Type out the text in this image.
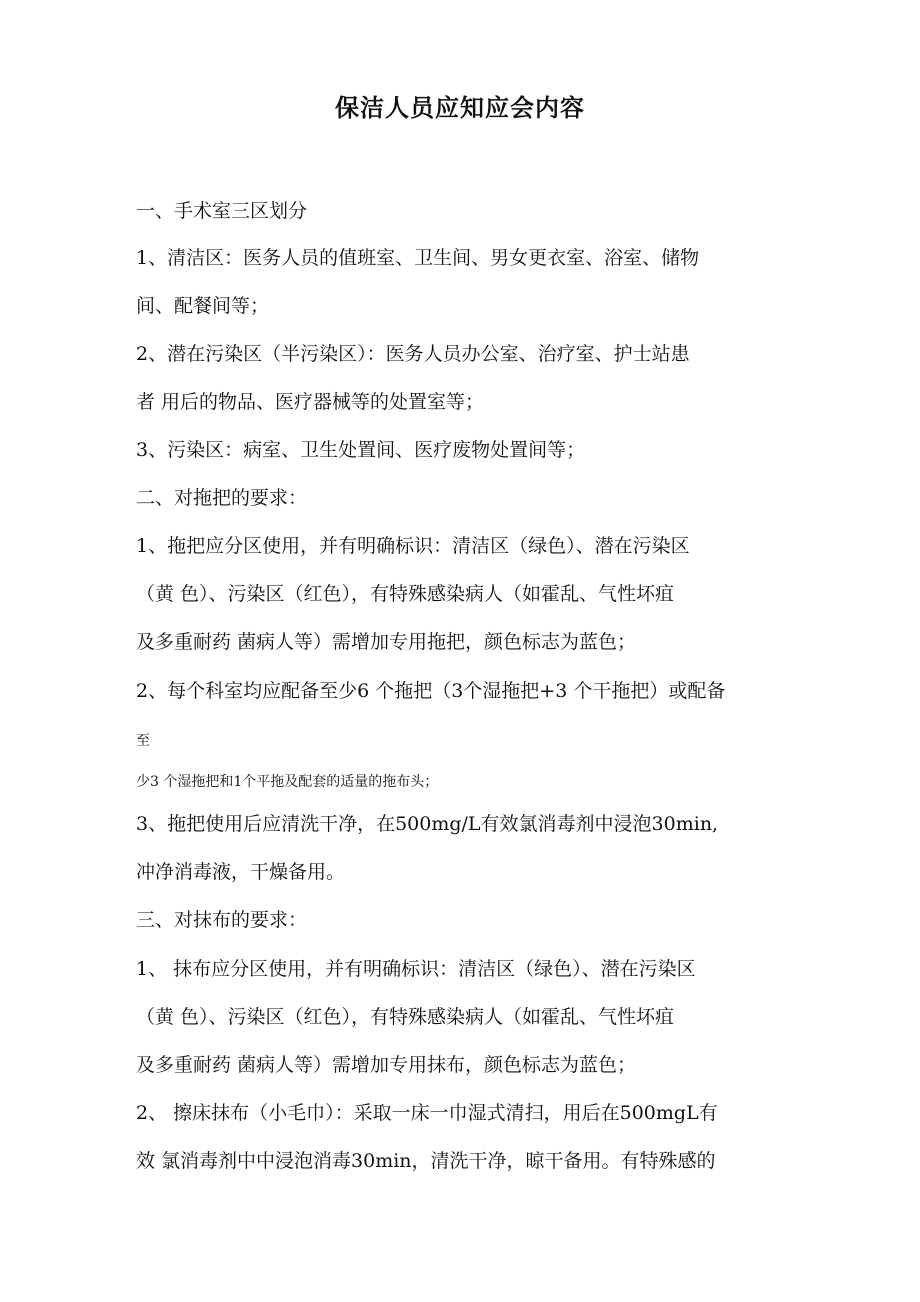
保洁人员应知应会内容
一、手术室三区划分
1、清洁区：医务人员的值班室、卫生间、男女更衣室、浴室、储物
间、配餐间等；
2、潜在污染区（半污染区）：医务人员办公室、治疗室、护士站患
者 用后的物品、医疗器械等的处置室等；
3、污染区：病室、卫生处置间、医疗废物处置间等；
二、对拖把的要求：
1、拖把应分区使用，并有明确标识：清洁区（绿色）、潜在污染区
（黄 色）、污染区（红色），有特殊感染病人（如霍乱、气性坏疽
及多重耐药 菌病人等）需增加专用拖把，颜色标志为蓝色；
2、每个科室均应配备至少6 个拖把（3个湿拖把+3 个干拖把）或配备
至
少3 个湿拖把和1个平拖及配套的适量的拖布头；
3、拖把使用后应清洗干净，在500mg/L有效氯消毒剂中浸泡30min,
冲净消毒液，干燥备用。
三、对抹布的要求：
1、 抹布应分区使用，并有明确标识：清洁区（绿色）、潜在污染区
（黄 色）、污染区（红色），有特殊感染病人（如霍乱、气性坏疽
及多重耐药 菌病人等）需增加专用抹布，颜色标志为蓝色；
2、 擦床抹布（小毛巾）：采取一床一巾湿式清扫，用后在500mgL有
效 氯消毒剂中中浸泡消毒30min，清洗干净，晾干备用。有特殊感的
